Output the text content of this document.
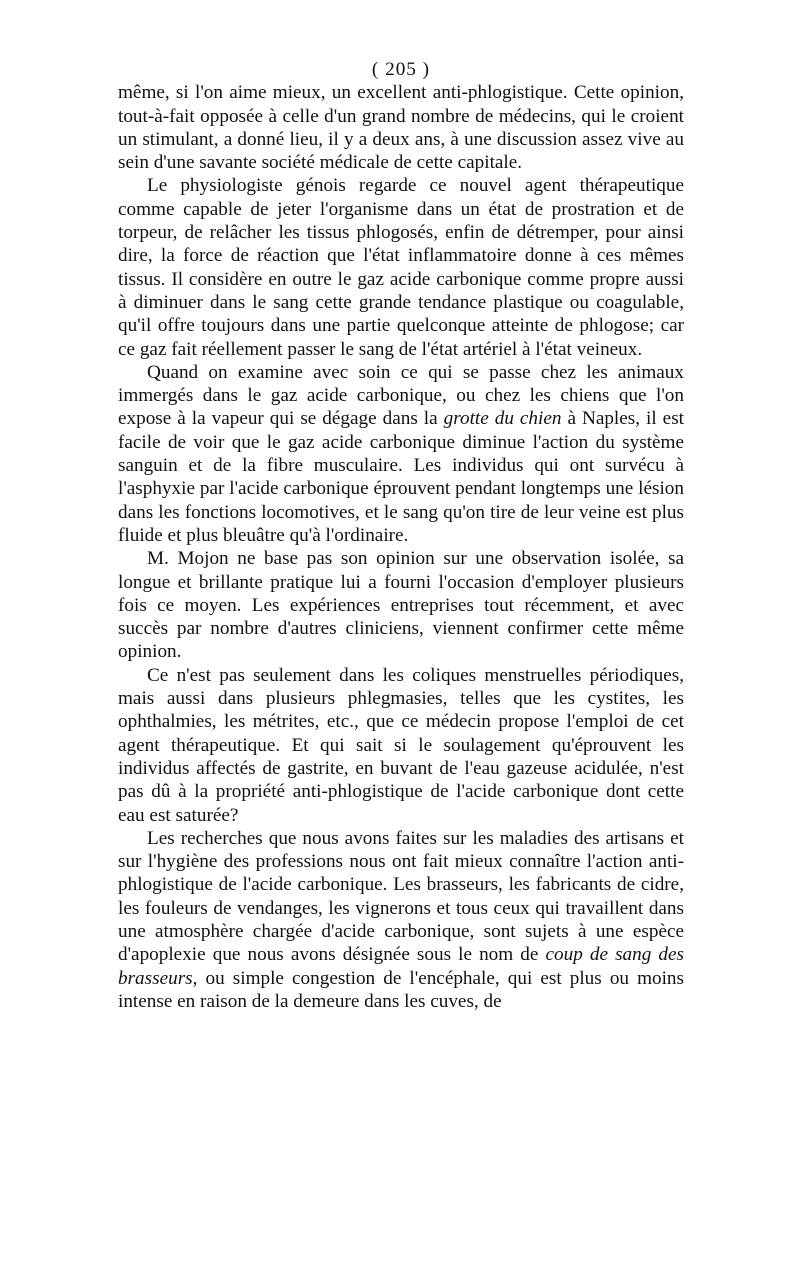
( 205 )

même, si l'on aime mieux, un excellent anti-phlogistique. Cette opinion, tout-à-fait opposée à celle d'un grand nombre de médecins, qui le croient un stimulant, a donné lieu, il y a deux ans, à une discussion assez vive au sein d'une savante société médicale de cette capitale.

Le physiologiste génois regarde ce nouvel agent thérapeutique comme capable de jeter l'organisme dans un état de prostration et de torpeur, de relâcher les tissus phlogosés, enfin de détremper, pour ainsi dire, la force de réaction que l'état inflammatoire donne à ces mêmes tissus. Il considère en outre le gaz acide carbonique comme propre aussi à diminuer dans le sang cette grande tendance plastique ou coagulable, qu'il offre toujours dans une partie quelconque atteinte de phlogose; car ce gaz fait réellement passer le sang de l'état artériel à l'état veineux.

Quand on examine avec soin ce qui se passe chez les animaux immergés dans le gaz acide carbonique, ou chez les chiens que l'on expose à la vapeur qui se dégage dans la grotte du chien à Naples, il est facile de voir que le gaz acide carbonique diminue l'action du système sanguin et de la fibre musculaire. Les individus qui ont survécu à l'asphyxie par l'acide carbonique éprouvent pendant longtemps une lésion dans les fonctions locomotives, et le sang qu'on tire de leur veine est plus fluide et plus bleuâtre qu'à l'ordinaire.

M. Mojon ne base pas son opinion sur une observation isolée, sa longue et brillante pratique lui a fourni l'occasion d'employer plusieurs fois ce moyen. Les expériences entreprises tout récemment, et avec succès par nombre d'autres cliniciens, viennent confirmer cette même opinion.

Ce n'est pas seulement dans les coliques menstruelles périodiques, mais aussi dans plusieurs phlegmasies, telles que les cystites, les ophthalmies, les métrites, etc., que ce médecin propose l'emploi de cet agent thérapeutique. Et qui sait si le soulagement qu'éprouvent les individus affectés de gastrite, en buvant de l'eau gazeuse acidulée, n'est pas dû à la propriété anti-phlogistique de l'acide carbonique dont cette eau est saturée?

Les recherches que nous avons faites sur les maladies des artisans et sur l'hygiène des professions nous ont fait mieux connaître l'action anti-phlogistique de l'acide carbonique. Les brasseurs, les fabricants de cidre, les fouleurs de vendanges, les vignerons et tous ceux qui travaillent dans une atmosphère chargée d'acide carbonique, sont sujets à une espèce d'apoplexie que nous avons désignée sous le nom de coup de sang des brasseurs, ou simple congestion de l'encéphale, qui est plus ou moins intense en raison de la demeure dans les cuves, de
